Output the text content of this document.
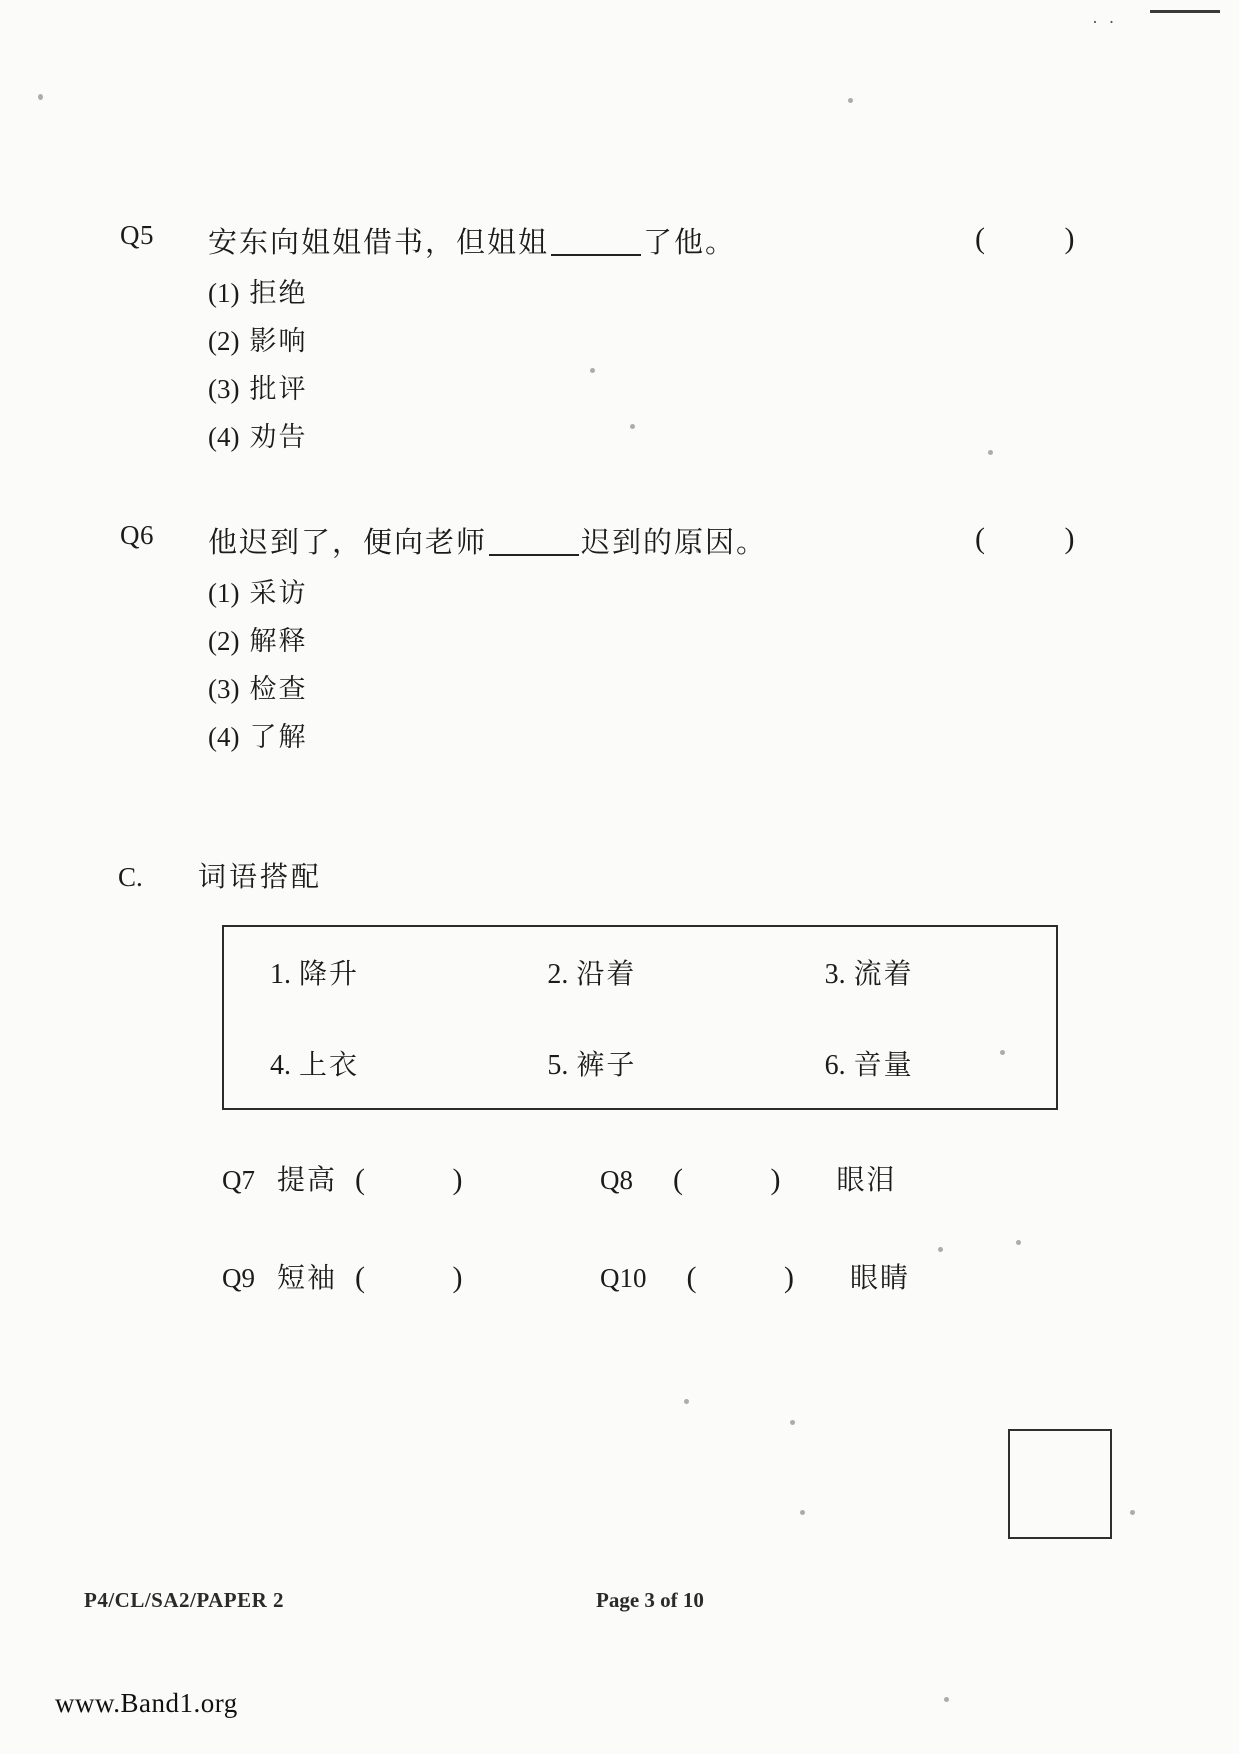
· ·
Q5	安东向姐姐借书，但姐姐	了他。
(1) 拒绝
(2) 影响
(3) 批评
(4) 劝告
( )
Q6	他迟到了，便向老师	迟到的原因。
(1) 采访
(2) 解释
(3) 检查
(4) 了解
( )
C.	词语搭配
1. 降升	2. 沿着	3. 流着
4. 上衣	5. 裤子	6. 音量
Q7 提高 ( )	Q8 ( ) 眼泪
Q9 短袖 ( )	Q10 ( ) 眼睛
P4/CL/SA2/PAPER 2	Page 3 of 10
www.Band1.org
